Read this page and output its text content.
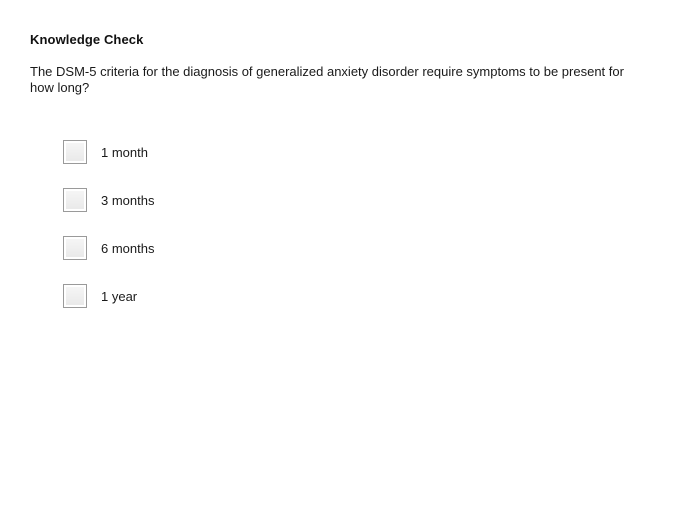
Knowledge Check

The DSM-5 criteria for the diagnosis of generalized anxiety disorder require symptoms to be present for how long?

1 month
3 months
6 months
1 year
